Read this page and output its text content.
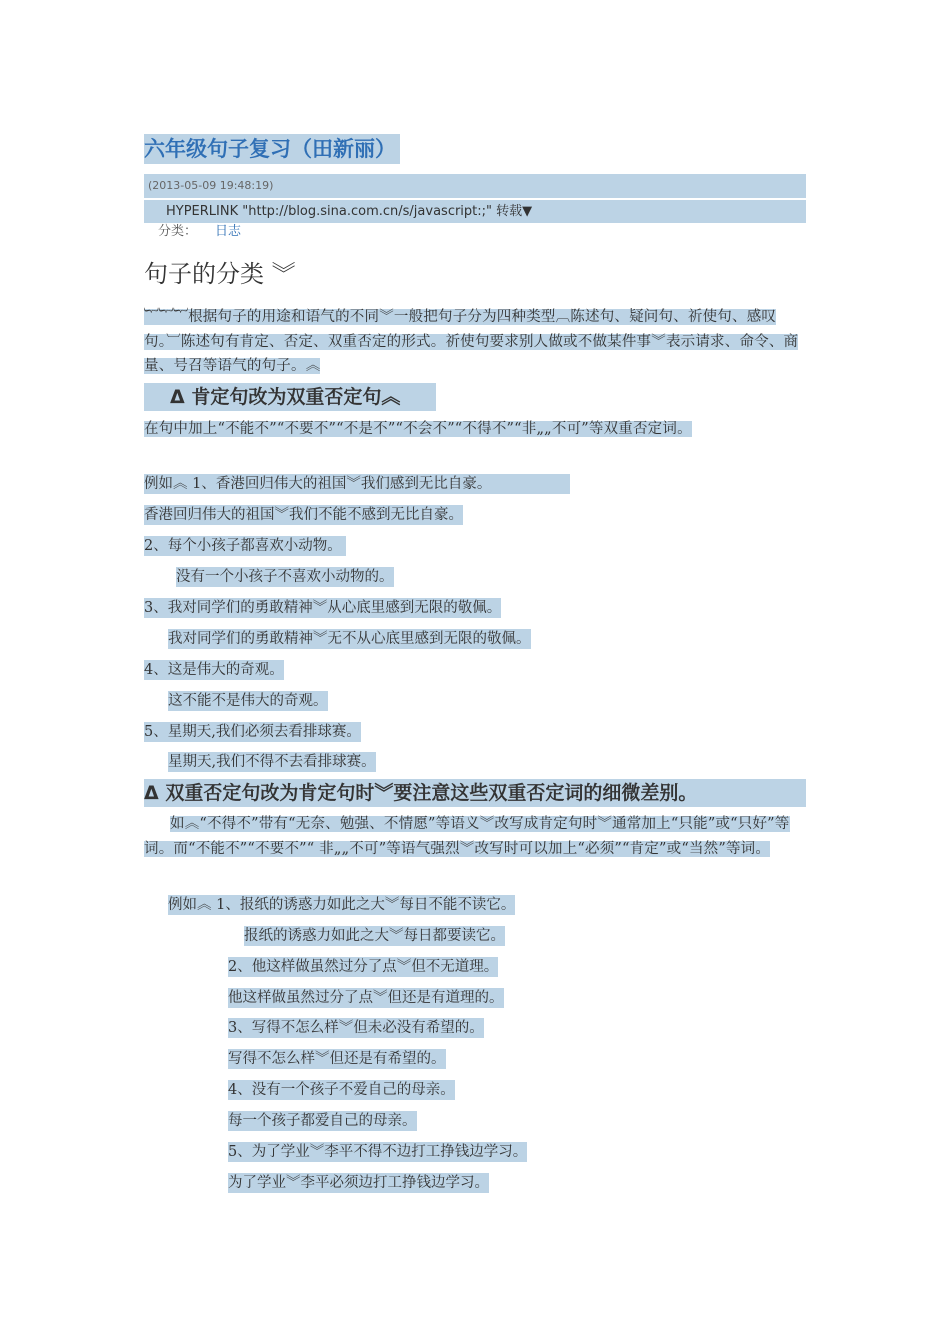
六年级句子复习（田新丽）
(2013-05-09 19:48:19)
HYPERLINK "http://blog.sina.com.cn/s/javascript:;" 转载▼
分类： 日志
句子的分类 ︾
︸︸︸根据句子的用途和语气的不同︾一般把句子分为四种类型︹陈述句、疑问句、祈使句、感叹句。︺陈述句有肯定、否定、双重否定的形式。祈使句要求别人做或不做某件事︾表示请求、命令、商量、号召等语气的句子。︽
Δ 肯定句改为双重否定句︽
在句中加上“不能不”“不要不”“不是不”“不会不”“不得不”“非„„不可”等双重否定词。
例如︽ 1、香港回归伟大的祖国︾我们感到无比自豪。
香港回归伟大的祖国︾我们不能不感到无比自豪。
2、每个小孩子都喜欢小动物。
没有一个小孩子不喜欢小动物的。
3、我对同学们的勇敢精神︾从心底里感到无限的敬佩。
我对同学们的勇敢精神︾无不从心底里感到无限的敬佩。
4、这是伟大的奇观。
这不能不是伟大的奇观。
5、星期天,我们必须去看排球赛。
星期天,我们不得不去看排球赛。
Δ 双重否定句改为肯定句时︾要注意这些双重否定词的细微差别。
如︽“不得不”带有“无奈、勉强、不情愿”等语义︾改写成肯定句时︾通常加上“只能”或“只好”等词。而“不能不”“不要不”“ 非„„不可”等语气强烈︾改写时可以加上“必须”“肯定”或“当然”等词。
例如︽ 1、报纸的诱惑力如此之大︾每日不能不读它。
报纸的诱惑力如此之大︾每日都要读它。
2、他这样做虽然过分了点︾但不无道理。
他这样做虽然过分了点︾但还是有道理的。
3、写得不怎么样︾但未必没有希望的。
写得不怎么样︾但还是有希望的。
4、没有一个孩子不爱自己的母亲。
每一个孩子都爱自己的母亲。
5、为了学业︾李平不得不边打工挣钱边学习。
为了学业︾李平必须边打工挣钱边学习。
